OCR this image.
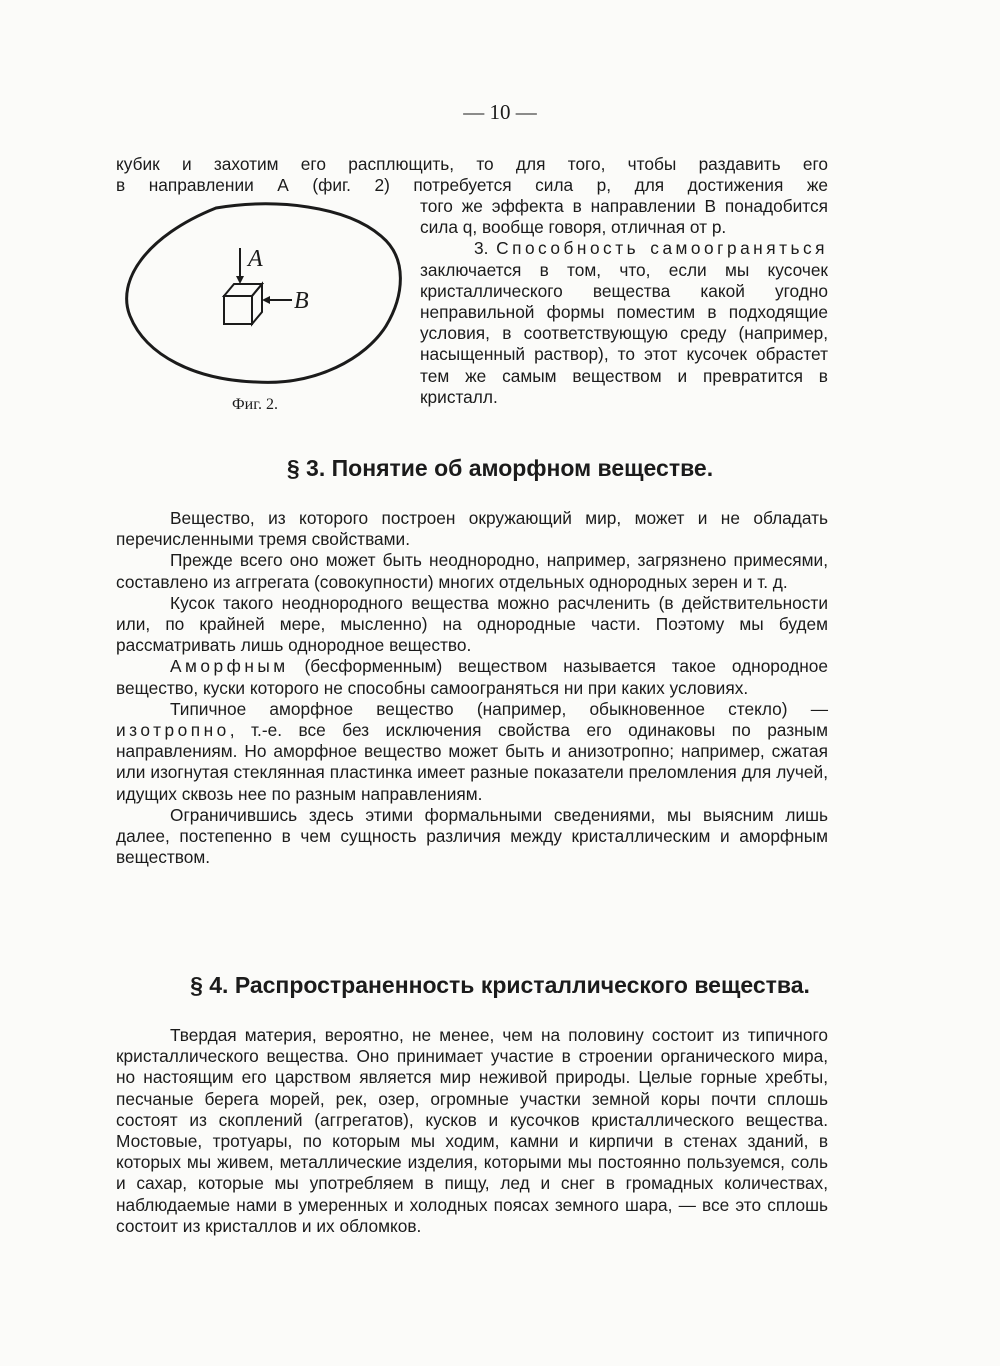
— 10 —

кубик и захотим его расплющить, то для того, чтобы раздавить его

в направлении А (фиг. 2) потребуется сила р, для достижения же

А
В
Фиг. 2.

того же эффекта в направлении В понадобится сила q, вообще говоря, отличная от р.

3. Способность самоограняться заключается в том, что, если мы кусочек кристаллического вещества какой угодно неправильной формы поместим в подходящие условия, в соответствующую среду (например, насыщенный раствор), то этот кусочек обрастет тем же самым веществом и превратится в кристалл.

§ 3. Понятие об аморфном веществе.

Вещество, из которого построен окружающий мир, может и не обладать перечисленными тремя свойствами.

Прежде всего оно может быть неоднородно, например, загрязнено примесями, составлено из аггрегата (совокупности) многих отдельных однородных зерен и т. д.

Кусок такого неоднородного вещества можно расчленить (в действительности или, по крайней мере, мысленно) на однородные части. Поэтому мы будем рассматривать лишь однородное вещество.

Аморфным (бесформенным) веществом называется такое однородное вещество, куски которого не способны самоограняться ни при каких условиях.

Типичное аморфное вещество (например, обыкновенное стекло) — изотропно, т.-е. все без исключения свойства его одинаковы по разным направлениям. Но аморфное вещество может быть и анизотропно; например, сжатая или изогнутая стеклянная пластинка имеет разные показатели преломления для лучей, идущих сквозь нее по разным направлениям.

Ограничившись здесь этими формальными сведениями, мы выясним лишь далее, постепенно в чем сущность различия между кристаллическим и аморфным веществом.

§ 4. Распространенность кристаллического вещества.

Твердая материя, вероятно, не менее, чем на половину состоит из типичного кристаллического вещества. Оно принимает участие в строении органического мира, но настоящим его царством является мир неживой природы. Целые горные хребты, песчаные берега морей, рек, озер, огромные участки земной коры почти сплошь состоят из скоплений (аггрегатов), кусков и кусочков кристаллического вещества. Мостовые, тротуары, по которым мы ходим, камни и кирпичи в стенах зданий, в которых мы живем, металлические изделия, которыми мы постоянно пользуемся, соль и сахар, которые мы употребляем в пищу, лед и снег в громадных количествах, наблюдаемые нами в умеренных и холодных поясах земного шара, — все это сплошь состоит из кристаллов и их обломков.
